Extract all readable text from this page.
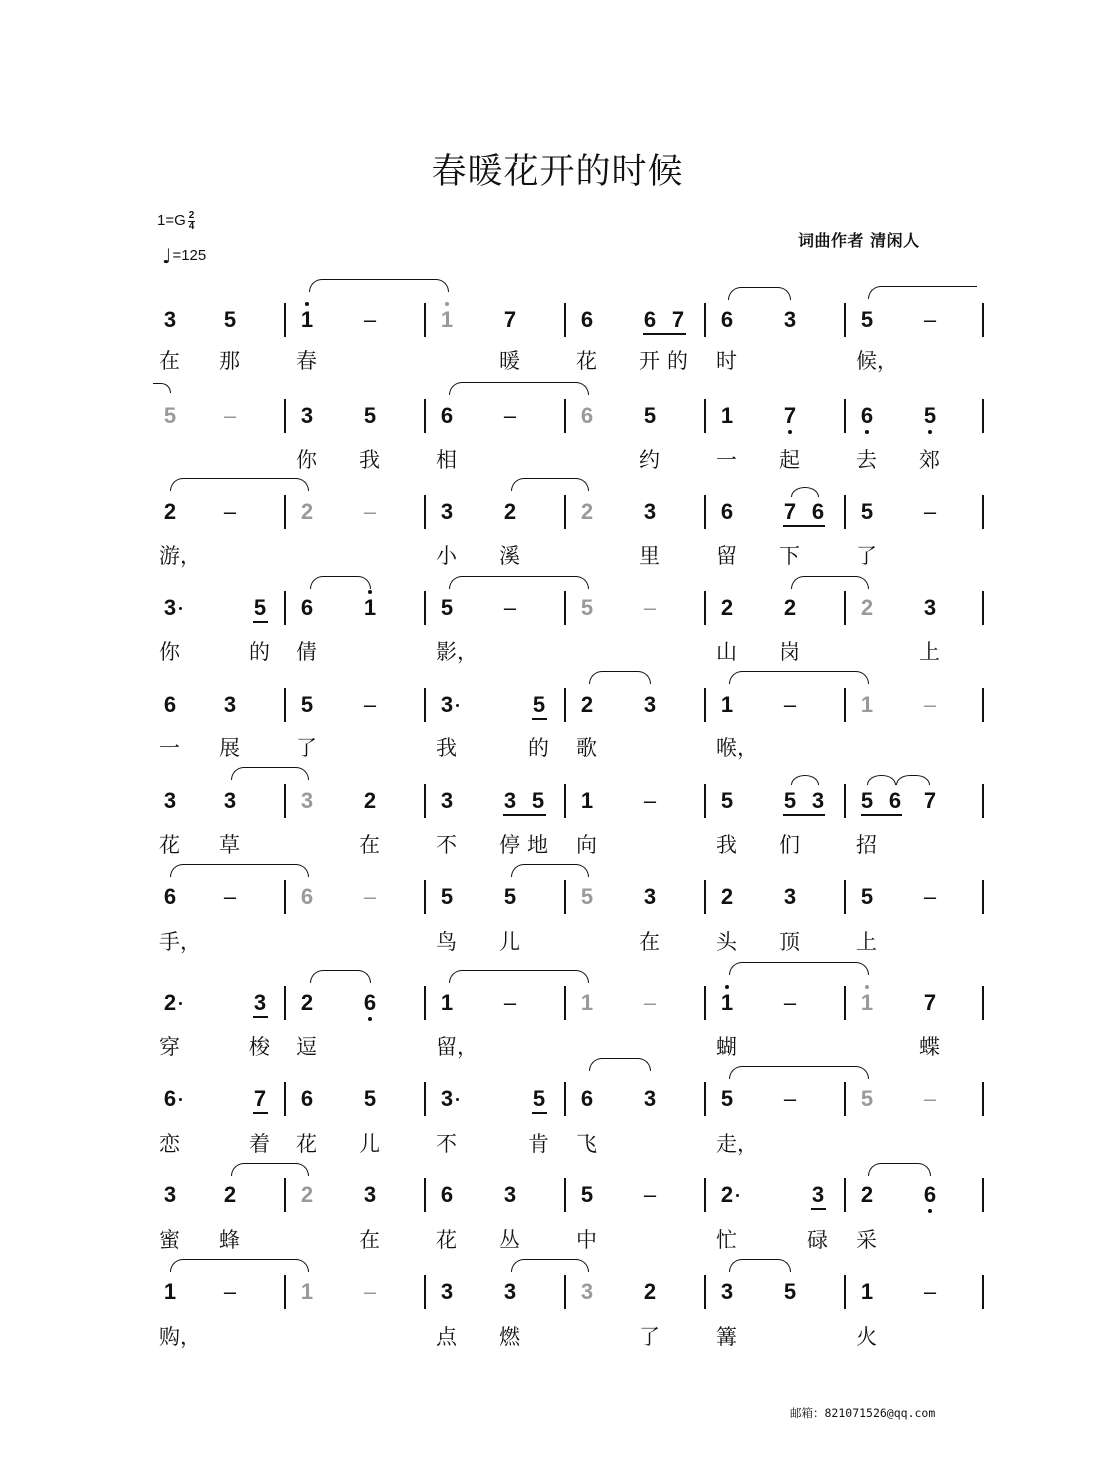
春暖花开的时候
$1=G \frac{2}{4}$
♩ =125
词曲作者 清闲人
3 5	1 –	1 7	6 6 7 6 3	5 –
在 那	春	暖	花 开 的 时	候，
5 –	3 5	6 –	6 5	1 7	6 5
你 我	相	约	一 起	去 郊
2 –	2 –	3 2	2 3	6 7 6 5 –
游，	小 溪	里	留 下	了
3	5 6 1	5 –	5 –	2 2	2 3
你	的 倩	影，	山 岗	上
6 3	5 –	3	5 2 3	1 –	1 –
一 展	了	我	的 歌	喉，
3 3	3 2	3 3 5 1 –	5 5 3 5 6 7
花 草	在	不 停 地 向	我 们	招
6 –	6 –	5 5	5 3	2 3	5 –
手，	鸟 儿	在	头 顶	上
2	3 2 6	1 –	1 –	1 –	1 7
穿	梭 逗	留，	蝴	蝶
6	7 6 5	3	5 6 3	5 –	5 –
恋	着 花 儿	不	肯 飞	走，
3 2	2 3	6 3	5 –	2	3 2 6
蜜 蜂	在	花 丛	中	忙	碌 采
1 –	1 –	3 3	3 2	3 5	1 –
购，	点 燃	了	篝	火
邮箱：821071526@qq.com
